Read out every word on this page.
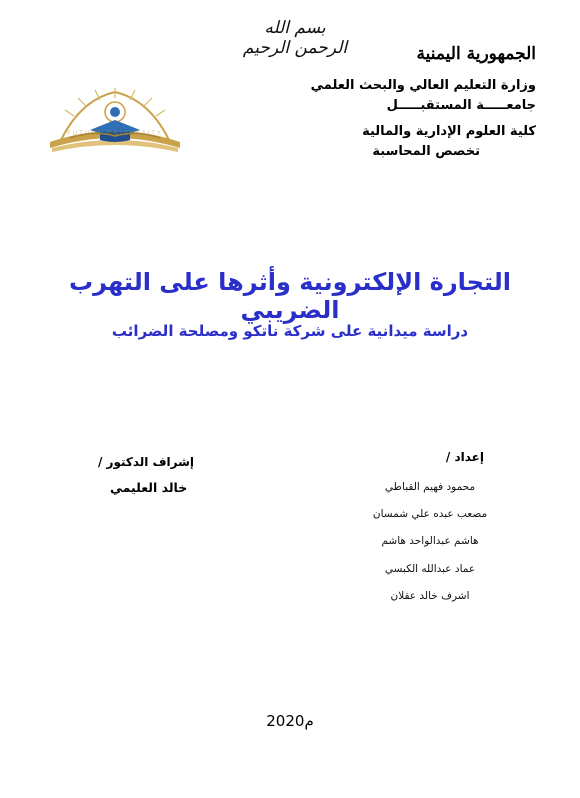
بسم الله الرحمن الرحيم	الجمهورية اليمنية
وزارة التعليم العالي والبحث العلمي
جامعـــــة المستقبـــــل
كلية العلوم الإدارية والمالية
تخصص المحاسبة
FUTURE UNIVERSITY
التجارة الإلكترونية وأثرها على التهرب الضريبي
دراسة ميدانية على شركة ناتكو ومصلحة الضرائب
إعداد /
محمود فهيم القباطي
مصعب عبده علي شمسان
هاشم عبدالواحد هاشم
عماد عبدالله الكبسي
اشرف خالد عقلان
إشراف الدكتور /
خالد العليمي
2020م
